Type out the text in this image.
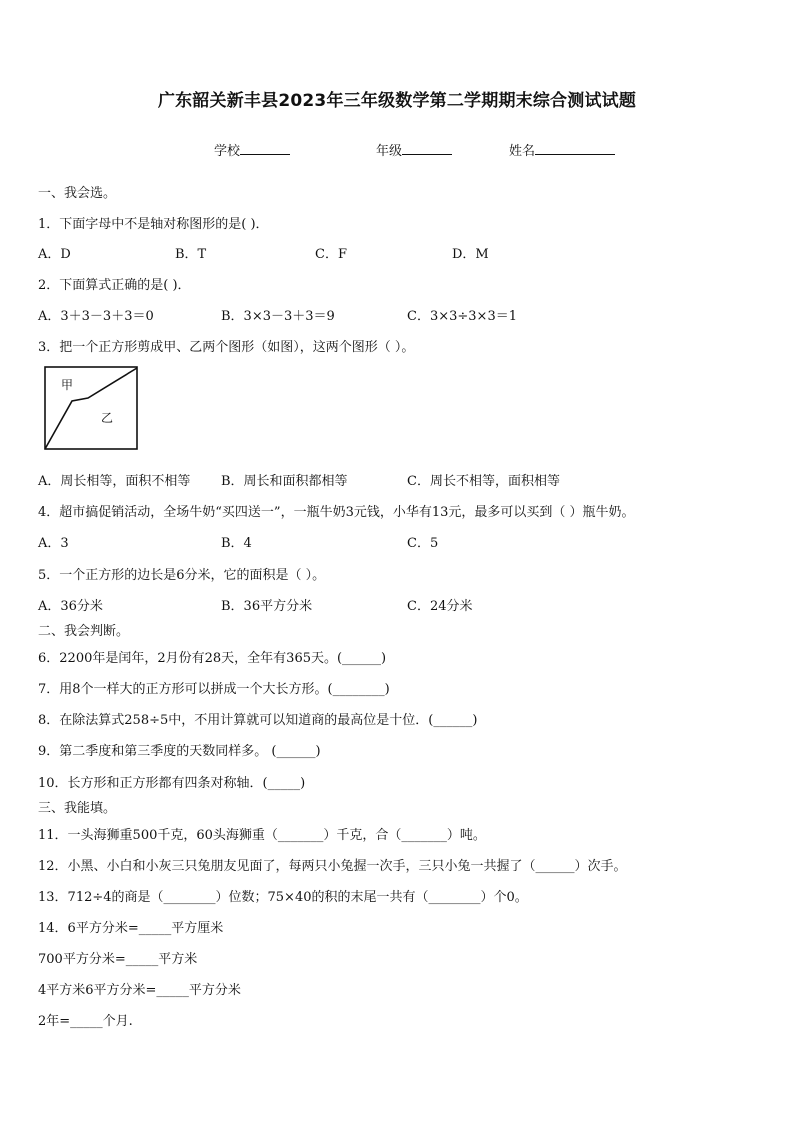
广东韶关新丰县2023年三年级数学第二学期期末综合测试试题
学校	年级	姓名
一、我会选。
1．下面字母中不是轴对称图形的是( )．
A．D	B．T	C．F	D．M
2．下面算式正确的是( )．
A．3＋3－3＋3＝0	B．3×3－3＋3＝9	C．3×3÷3×3＝1
3．把一个正方形剪成甲、乙两个图形（如图），这两个图形（ ）。
甲
乙
A．周长相等，面积不相等 B．周长和面积都相等	C．周长不相等，面积相等
4．超市搞促销活动，全场牛奶“买四送一”，一瓶牛奶3元钱，小华有13元，最多可以买到（ ）瓶牛奶。
A．3	B．4	C．5
5．一个正方形的边长是6分米，它的面积是（ ）。
A．36分米	B．36平方分米	C．24分米
二、我会判断。
6．2200年是闰年，2月份有28天，全年有365天。(______)
7．用8个一样大的正方形可以拼成一个大长方形。(________)
8．在除法算式258÷5中，不用计算就可以知道商的最高位是十位．(______)
9．第二季度和第三季度的天数同样多。 (______)
10．长方形和正方形都有四条对称轴．(_____)
三、我能填。
11．一头海狮重500千克，60头海狮重（_______）千克，合（_______）吨。
12．小黑、小白和小灰三只兔朋友见面了，每两只小兔握一次手，三只小兔一共握了（______）次手。
13．712÷4的商是（________）位数；75×40的积的末尾一共有（________）个0。
14．6平方分米=_____平方厘米
700平方分米=_____平方米
4平方米6平方分米=_____平方分米
2年=_____个月.
